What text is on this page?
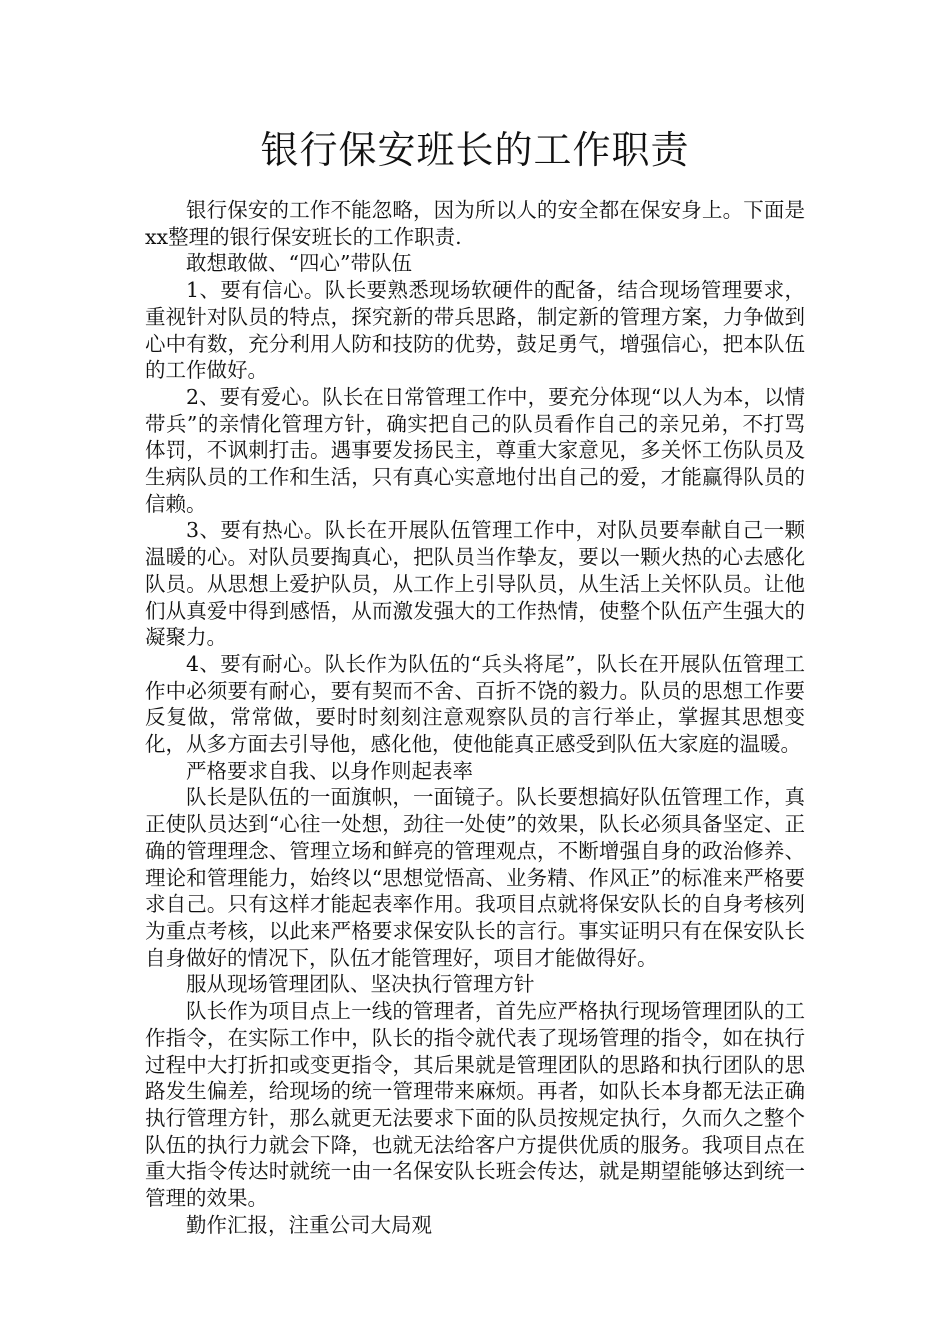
银行保安班长的工作职责

银行保安的工作不能忽略，因为所以人的安全都在保安身上。下面是xx整理的银行保安班长的工作职责.

敢想敢做、“四心”带队伍

1、要有信心。队长要熟悉现场软硬件的配备，结合现场管理要求，重视针对队员的特点，探究新的带兵思路，制定新的管理方案，力争做到心中有数，充分利用人防和技防的优势，鼓足勇气，增强信心，把本队伍的工作做好。

2、要有爱心。队长在日常管理工作中，要充分体现“以人为本，以情带兵”的亲情化管理方针，确实把自己的队员看作自己的亲兄弟，不打骂体罚，不讽刺打击。遇事要发扬民主，尊重大家意见，多关怀工伤队员及生病队员的工作和生活，只有真心实意地付出自己的爱，才能赢得队员的信赖。

3、要有热心。队长在开展队伍管理工作中，对队员要奉献自己一颗温暖的心。对队员要掏真心，把队员当作挚友，要以一颗火热的心去感化队员。从思想上爱护队员，从工作上引导队员，从生活上关怀队员。让他们从真爱中得到感悟，从而激发强大的工作热情，使整个队伍产生强大的凝聚力。

4、要有耐心。队长作为队伍的“兵头将尾”，队长在开展队伍管理工作中必须要有耐心，要有契而不舍、百折不饶的毅力。队员的思想工作要反复做，常常做，要时时刻刻注意观察队员的言行举止，掌握其思想变化，从多方面去引导他，感化他，使他能真正感受到队伍大家庭的温暖。

严格要求自我、以身作则起表率

队长是队伍的一面旗帜，一面镜子。队长要想搞好队伍管理工作，真正使队员达到“心往一处想，劲往一处使”的效果，队长必须具备坚定、正确的管理理念、管理立场和鲜亮的管理观点，不断增强自身的政治修养、理论和管理能力，始终以“思想觉悟高、业务精、作风正”的标准来严格要求自己。只有这样才能起表率作用。我项目点就将保安队长的自身考核列为重点考核，以此来严格要求保安队长的言行。事实证明只有在保安队长自身做好的情况下，队伍才能管理好，项目才能做得好。

服从现场管理团队、坚决执行管理方针

队长作为项目点上一线的管理者，首先应严格执行现场管理团队的工作指令，在实际工作中，队长的指令就代表了现场管理的指令，如在执行过程中大打折扣或变更指令，其后果就是管理团队的思路和执行团队的思路发生偏差，给现场的统一管理带来麻烦。再者，如队长本身都无法正确执行管理方针，那么就更无法要求下面的队员按规定执行，久而久之整个队伍的执行力就会下降，也就无法给客户方提供优质的服务。我项目点在重大指令传达时就统一由一名保安队长班会传达，就是期望能够达到统一管理的效果。

勤作汇报，注重公司大局观
